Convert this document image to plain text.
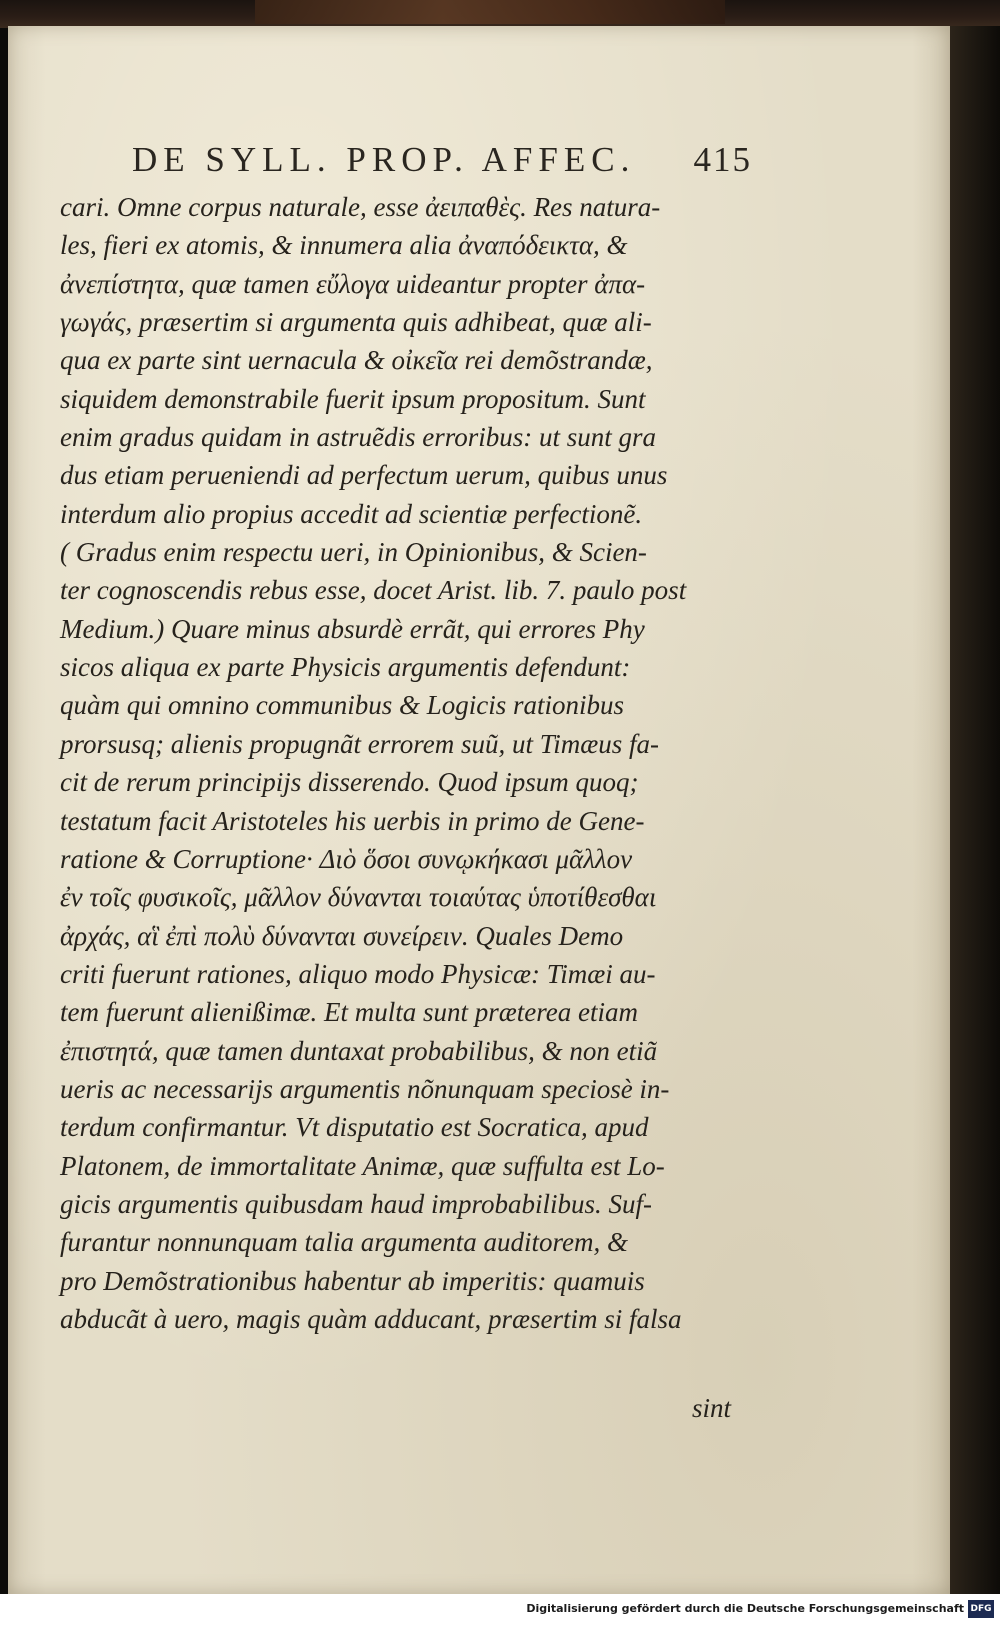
DE SYLL. PROP. AFFEC. 415
cari. Omne corpus naturale, esse ἀειπαθὲς. Res natura-
les, fieri ex atomis, & innumera alia ἀναπόδεικτα, &
ἀνεπίστητα, quæ tamen εὔλογα uideantur propter ἀπα-
γωγάς, præsertim si argumenta quis adhibeat, quæ ali-
qua ex parte sint uernacula & οἰκεῖα rei demõstrandæ,
siquidem demonstrabile fuerit ipsum propositum. Sunt
enim gradus quidam in astruẽdis erroribus: ut sunt gra
dus etiam perueniendi ad perfectum uerum, quibus unus
interdum alio propius accedit ad scientiæ perfectionẽ.
( Gradus enim respectu ueri, in Opinionibus, & Scien-
ter cognoscendis rebus esse, docet Arist. lib. 7. paulo post
Medium.) Quare minus absurdè errãt, qui errores Phy
sicos aliqua ex parte Physicis argumentis defendunt:
quàm qui omnino communibus & Logicis rationibus
prorsusq; alienis propugnãt errorem suũ, ut Timæus fa-
cit de rerum principijs disserendo. Quod ipsum quoq;
testatum facit Aristoteles his uerbis in primo de Gene-
ratione & Corruptione· Διὸ ὅσοι συνῳκήκασι μᾶλλον
ἐν τοῖς φυσικοῖς, μᾶλλον δύνανται τοιαύτας ὑποτίθεσθαι
ἀρχάς, αἳ ἐπὶ πολὺ δύνανται συνείρειν. Quales Demo
criti fuerunt rationes, aliquo modo Physicæ: Timæi au-
tem fuerunt alienißimæ. Et multa sunt præterea etiam
ἐπιστητά, quæ tamen duntaxat probabilibus, & non etiã
ueris ac necessarijs argumentis nõnunquam speciosè in-
terdum confirmantur. Vt disputatio est Socratica, apud
Platonem, de immortalitate Animæ, quæ suffulta est Lo-
gicis argumentis quibusdam haud improbabilibus. Suf-
furantur nonnunquam talia argumenta auditorem, &
pro Demõstrationibus habentur ab imperitis: quamuis
abducãt à uero, magis quàm adducant, præsertim si falsa
sint
Digitalisierung gefördert durch die Deutsche Forschungsgemeinschaft DFG
